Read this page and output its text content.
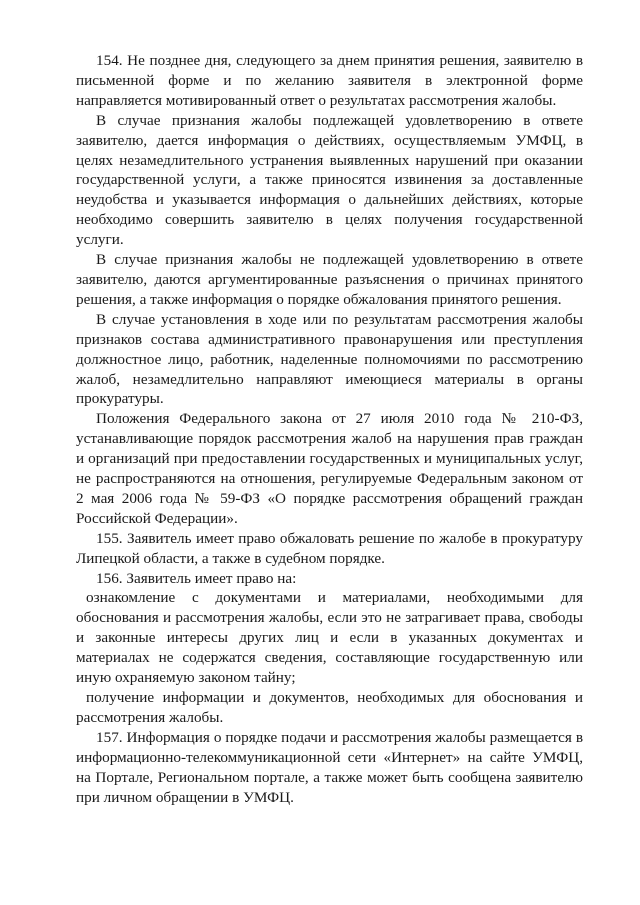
154. Не позднее дня, следующего за днем принятия решения, заявителю в письменной форме и по желанию заявителя в электронной форме направляется мотивированный ответ о результатах рассмотрения жалобы.

В случае признания жалобы подлежащей удовлетворению в ответе заявителю, дается информация о действиях, осуществляемым УМФЦ, в целях незамедлительного устранения выявленных нарушений при оказании государственной услуги, а также приносятся извинения за доставленные неудобства и указывается информация о дальнейших действиях, которые необходимо совершить заявителю в целях получения государственной услуги.

В случае признания жалобы не подлежащей удовлетворению в ответе заявителю, даются аргументированные разъяснения о причинах принятого решения, а также информация о порядке обжалования принятого решения.

В случае установления в ходе или по результатам рассмотрения жалобы признаков состава административного правонарушения или преступления должностное лицо, работник, наделенные полномочиями по рассмотрению жалоб, незамедлительно направляют имеющиеся материалы в органы прокуратуры.

Положения Федерального закона от 27 июля 2010 года № 210-ФЗ, устанавливающие порядок рассмотрения жалоб на нарушения прав граждан и организаций при предоставлении государственных и муниципальных услуг, не распространяются на отношения, регулируемые Федеральным законом от 2 мая 2006 года № 59-ФЗ «О порядке рассмотрения обращений граждан Российской Федерации».

155. Заявитель имеет право обжаловать решение по жалобе в прокуратуру Липецкой области, а также в судебном порядке.

156. Заявитель имеет право на:

ознакомление с документами и материалами, необходимыми для обоснования и рассмотрения жалобы, если это не затрагивает права, свободы и законные интересы других лиц и если в указанных документах и материалах не содержатся сведения, составляющие государственную или иную охраняемую законом тайну;

получение информации и документов, необходимых для обоснования и рассмотрения жалобы.

157. Информация о порядке подачи и рассмотрения жалобы размещается в информационно-телекоммуникационной сети «Интернет» на сайте УМФЦ, на Портале, Региональном портале, а также может быть сообщена заявителю при личном обращении в УМФЦ.
